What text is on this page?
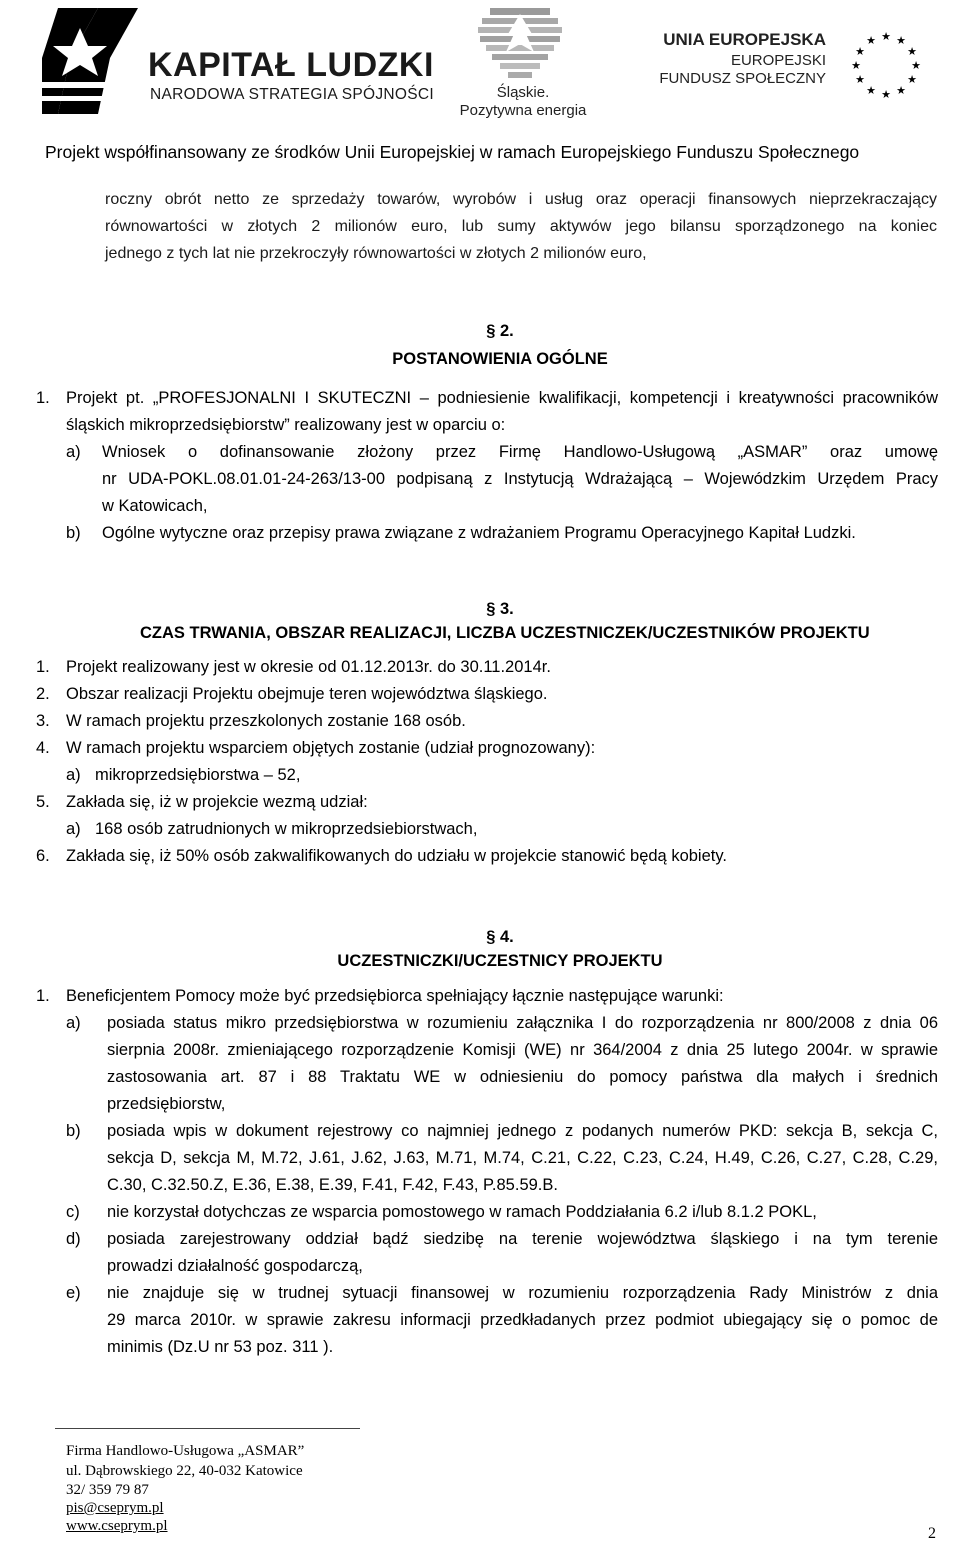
KAPITAŁ LUDZKI
NARODOWA STRATEGIA SPÓJNOŚCI	Śląskie.
Pozytywna energia
UNIA EUROPEJSKA
EUROPEJSKI
FUNDUSZ SPOŁECZNY
★ ★
★
★
★
★
★
★
★
★
★
★
Projekt współfinansowany ze środków Unii Europejskiej w ramach Europejskiego Funduszu Społecznego
roczny obrót netto ze sprzedaży towarów, wyrobów i usług oraz operacji finansowych nieprzekraczający
równowartości w złotych 2 milionów euro, lub sumy aktywów jego bilansu sporządzonego na koniec
jednego z tych lat nie przekroczyły równowartości w złotych 2 milionów euro,
§ 2.
POSTANOWIENIA OGÓLNE
1. Projekt pt. „PROFESJONALNI I SKUTECZNI – podniesienie kwalifikacji, kompetencji i kreatywności pracowników
śląskich mikroprzedsiębiorstw” realizowany jest w oparciu o:
a) Wniosek o dofinansowanie złożony przez Firmę Handlowo-Usługową „ASMAR” oraz umowę
nr UDA-POKL.08.01.01-24-263/13-00 podpisaną z Instytucją Wdrażającą – Wojewódzkim Urzędem Pracy
w Katowicach,
b) Ogólne wytyczne oraz przepisy prawa związane z wdrażaniem Programu Operacyjnego Kapitał Ludzki.
§ 3.
CZAS TRWANIA, OBSZAR REALIZACJI, LICZBA UCZESTNICZEK/UCZESTNIKÓW PROJEKTU
1. Projekt realizowany jest w okresie od 01.12.2013r. do 30.11.2014r.
2. Obszar realizacji Projektu obejmuje teren województwa śląskiego.
3. W ramach projektu przeszkolonych zostanie 168 osób.
4. W ramach projektu wsparciem objętych zostanie (udział prognozowany):
a) mikroprzedsiębiorstwa – 52,
5. Zakłada się, iż w projekcie wezmą udział:
a) 168 osób zatrudnionych w mikroprzedsiebiorstwach,
6. Zakłada się, iż 50% osób zakwalifikowanych do udziału w projekcie stanowić będą kobiety.
§ 4.
UCZESTNICZKI/UCZESTNICY PROJEKTU
1. Beneficjentem Pomocy może być przedsiębiorca spełniający łącznie następujące warunki:
a) posiada status mikro przedsiębiorstwa w rozumieniu załącznika I do rozporządzenia nr 800/2008 z dnia 06
sierpnia 2008r. zmieniającego rozporządzenie Komisji (WE) nr 364/2004 z dnia 25 lutego 2004r. w sprawie
zastosowania art. 87 i 88 Traktatu WE w odniesieniu do pomocy państwa dla małych i średnich
przedsiębiorstw,
b) posiada wpis w dokument rejestrowy co najmniej jednego z podanych numerów PKD: sekcja B, sekcja C,
sekcja D, sekcja M, M.72, J.61, J.62, J.63, M.71, M.74, C.21, C.22, C.23, C.24, H.49, C.26, C.27, C.28, C.29,
C.30, C.32.50.Z, E.36, E.38, E.39, F.41, F.42, F.43, P.85.59.B.
c) nie korzystał dotychczas ze wsparcia pomostowego w ramach Poddziałania 6.2 i/lub 8.1.2 POKL,
d) posiada zarejestrowany oddział bądź siedzibę na terenie województwa śląskiego i na tym terenie
prowadzi działalność gospodarczą,
e) nie znajduje się w trudnej sytuacji finansowej w rozumieniu rozporządzenia Rady Ministrów z dnia
29 marca 2010r. w sprawie zakresu informacji przedkładanych przez podmiot ubiegający się o pomoc de
minimis (Dz.U nr 53 poz. 311 ).
Firma Handlowo-Usługowa „ASMAR”
ul. Dąbrowskiego 22, 40-032 Katowice
32/ 359 79 87
pis@cseprym.pl
www.cseprym.pl	2
